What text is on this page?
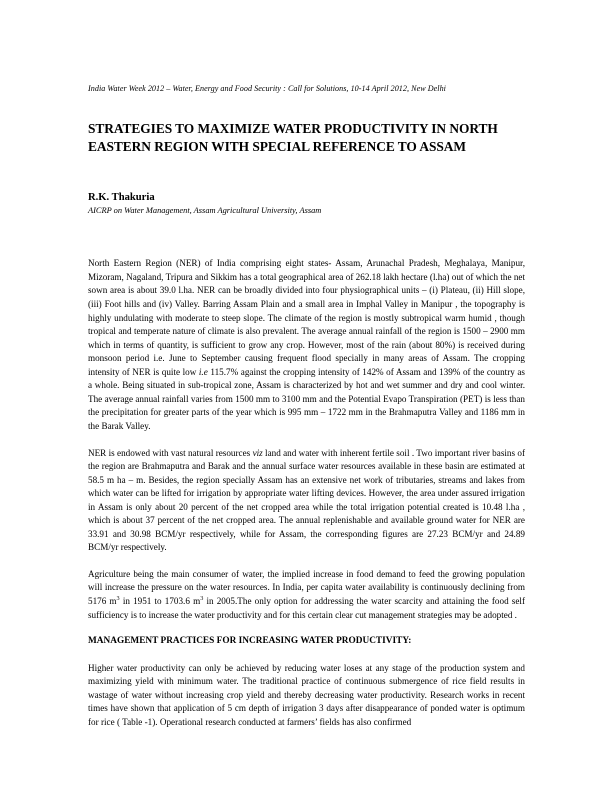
India Water Week 2012 – Water, Energy and Food Security : Call for Solutions, 10-14 April 2012, New Delhi
STRATEGIES TO MAXIMIZE WATER PRODUCTIVITY IN NORTH EASTERN REGION WITH SPECIAL REFERENCE TO ASSAM
R.K. Thakuria
AICRP on Water Management, Assam Agricultural University, Assam

North Eastern Region (NER) of India comprising eight states- Assam, Arunachal Pradesh, Meghalaya, Manipur, Mizoram, Nagaland, Tripura and Sikkim has a total geographical area of 262.18 lakh hectare (l.ha) out of which the net sown area is about 39.0 l.ha. NER can be broadly divided into four physiographical units – (i) Plateau, (ii) Hill slope, (iii) Foot hills and (iv) Valley. Barring Assam Plain and a small area in Imphal Valley in Manipur , the topography is highly undulating with moderate to steep slope. The climate of the region is mostly subtropical warm humid , though tropical and temperate nature of climate is also prevalent. The average annual rainfall of the region is 1500 – 2900 mm which in terms of quantity, is sufficient to grow any crop. However, most of the rain (about 80%) is received during monsoon period i.e. June to September causing frequent flood specially in many areas of Assam. The cropping intensity of NER is quite low i.e 115.7% against the cropping intensity of 142% of Assam and 139% of the country as a whole. Being situated in sub-tropical zone, Assam is characterized by hot and wet summer and dry and cool winter. The average annual rainfall varies from 1500 mm to 3100 mm and the Potential Evapo Transpiration (PET) is less than the precipitation for greater parts of the year which is 995 mm – 1722 mm in the Brahmaputra Valley and 1186 mm in the Barak Valley.

NER is endowed with vast natural resources viz land and water with inherent fertile soil . Two important river basins of the region are Brahmaputra and Barak and the annual surface water resources available in these basin are estimated at 58.5 m ha – m. Besides, the region specially Assam has an extensive net work of tributaries, streams and lakes from which water can be lifted for irrigation by appropriate water lifting devices. However, the area under assured irrigation in Assam is only about 20 percent of the net cropped area while the total irrigation potential created is 10.48 l.ha , which is about 37 percent of the net cropped area. The annual replenishable and available ground water for NER are 33.91 and 30.98 BCM/yr respectively, while for Assam, the corresponding figures are 27.23 BCM/yr and 24.89 BCM/yr respectively.

Agriculture being the main consumer of water, the implied increase in food demand to feed the growing population will increase the pressure on the water resources. In India, per capita water availability is continuously declining from 5176 $m^3$ in 1951 to 1703.6 $m^3$ in 2005.The only option for addressing the water scarcity and attaining the food self sufficiency is to increase the water productivity and for this certain clear cut management strategies may be adopted .

MANAGEMENT PRACTICES FOR INCREASING WATER PRODUCTIVITY:

Higher water productivity can only be achieved by reducing water loses at any stage of the production system and maximizing yield with minimum water. The traditional practice of continuous submergence of rice field results in wastage of water without increasing crop yield and thereby decreasing water productivity. Research works in recent times have shown that application of 5 cm depth of irrigation 3 days after disappearance of ponded water is optimum for rice ( Table -1). Operational research conducted at farmers’ fields has also confirmed
